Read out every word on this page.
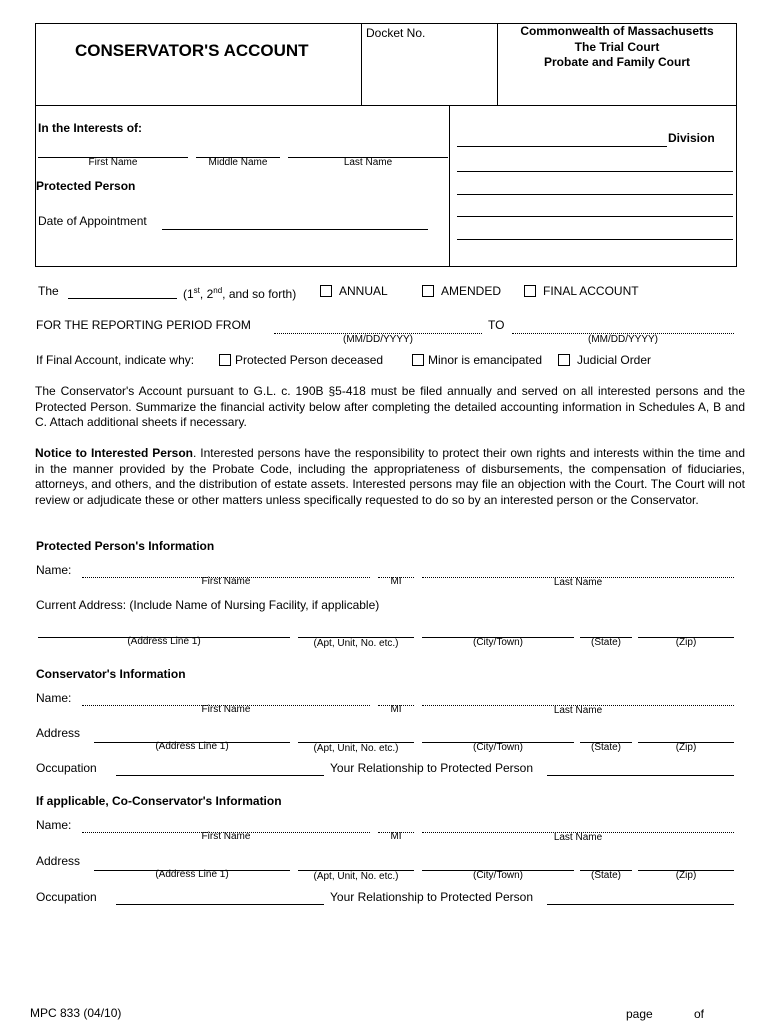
CONSERVATOR'S ACCOUNT
Docket No.	Commonwealth of Massachusetts
The Trial Court
Probate and Family Court
In the Interests of:
First Name	Middle Name	Last Name
Protected Person
Date of Appointment
Division
The	(1st, 2nd, and so forth)	ANNUAL	AMENDED	FINAL ACCOUNT
FOR THE REPORTING PERIOD FROM
(MM/DD/YYYY)
TO
(MM/DD/YYYY)
If Final Account, indicate why:	Protected Person deceased	Minor is emancipated	Judicial Order
The Conservator's Account pursuant to G.L. c. 190B §5-418 must be filed annually and served on all interested persons and the Protected Person. Summarize the financial activity below after completing the detailed accounting information in Schedules A, B and C. Attach additional sheets if necessary.
Notice to Interested Person. Interested persons have the responsibility to protect their own rights and interests within the time and in the manner provided by the Probate Code, including the appropriateness of disbursements, the compensation of fiduciaries, attorneys, and others, and the distribution of estate assets. Interested persons may file an objection with the Court. The Court will not review or adjudicate these or other matters unless specifically requested to do so by an interested person or the Conservator.
Protected Person's Information
Name:
First Name	MI	Last Name
Current Address: (Include Name of Nursing Facility, if applicable)
(Address Line 1)	(Apt, Unit, No. etc.)	(City/Town)	(State)	(Zip)
Conservator's Information
Name:
First Name	MI	Last Name
Address
(Address Line 1)	(Apt, Unit, No. etc.)	(City/Town)	(State)	(Zip)
Occupation	Your Relationship to Protected Person
If applicable, Co-Conservator's Information
Name:
First Name	MI	Last Name
Address
(Address Line 1)	(Apt, Unit, No. etc.)	(City/Town)	(State)	(Zip)
Occupation	Your Relationship to Protected Person
MPC 833 (04/10)	page	of
